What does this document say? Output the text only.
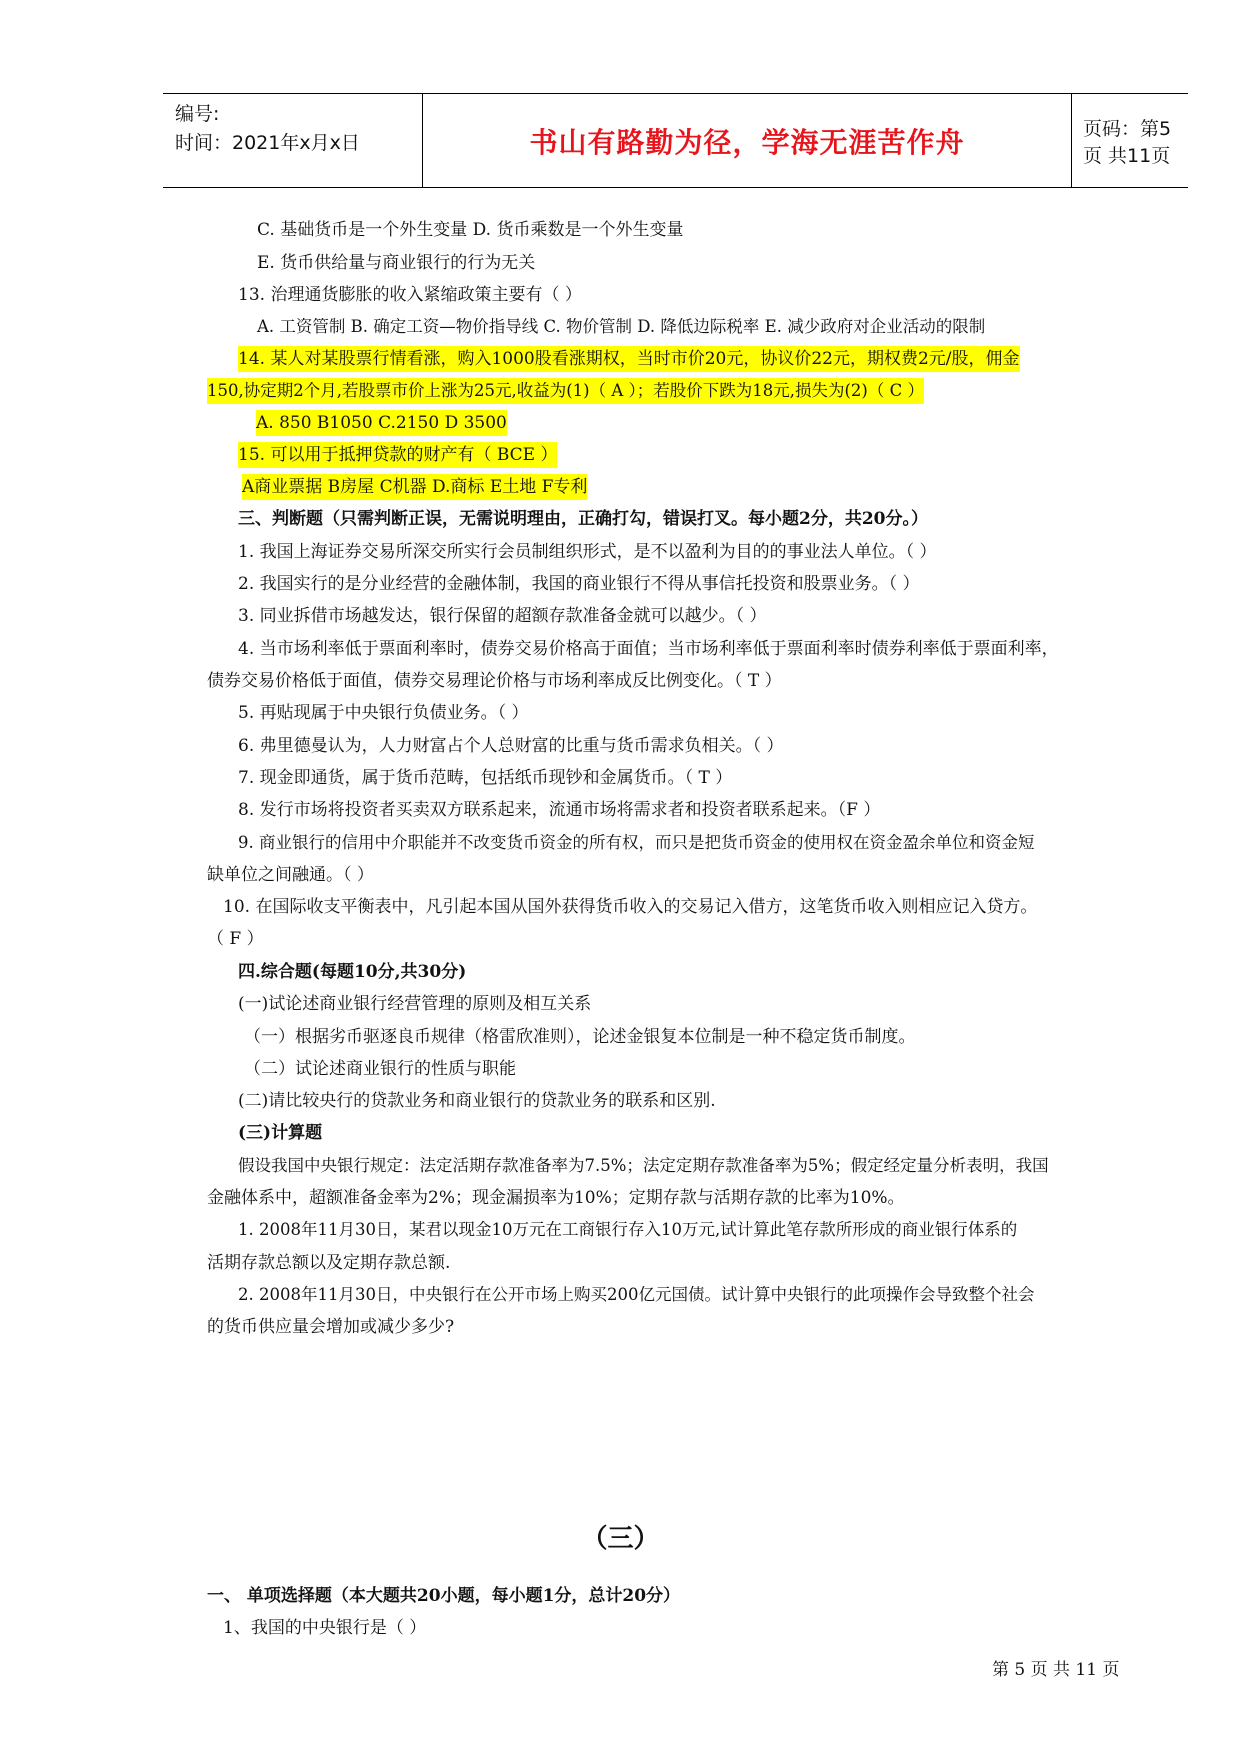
编号:
时间：2021年x月x日	书山有路勤为径，学海无涯苦作舟	页码：第5页 共11页
C. 基础货币是一个外生变量 D. 货币乘数是一个外生变量
E. 货币供给量与商业银行的行为无关
13. 治理通货膨胀的收入紧缩政策主要有（ ）
A. 工资管制 B. 确定工资—物价指导线 C. 物价管制 D. 降低边际税率 E. 减少政府对企业活动的限制
14. 某人对某股票行情看涨，购入1000股看涨期权，当时市价20元，协议价22元，期权费2元/股，佣金
150,协定期2个月,若股票市价上涨为25元,收益为(1)（ A ）；若股价下跌为18元,损失为(2)（ C ）
A. 850 B1050 C.2150 D 3500
15. 可以用于抵押贷款的财产有（ BCE ）
A商业票据 B房屋 C机器 D.商标 E土地 F专利
三、判断题（只需判断正误，无需说明理由，正确打勾，错误打叉。每小题2分，共20分。）
1. 我国上海证券交易所深交所实行会员制组织形式，是不以盈利为目的的事业法人单位。（ ）
2. 我国实行的是分业经营的金融体制，我国的商业银行不得从事信托投资和股票业务。（ ）
3. 同业拆借市场越发达，银行保留的超额存款准备金就可以越少。（ ）
4. 当市场利率低于票面利率时，债券交易价格高于面值；当市场利率低于票面利率时债券利率低于票面利率，
债券交易价格低于面值，债券交易理论价格与市场利率成反比例变化。（ T ）
5. 再贴现属于中央银行负债业务。（ ）
6. 弗里德曼认为，人力财富占个人总财富的比重与货币需求负相关。（ ）
7. 现金即通货，属于货币范畴，包括纸币现钞和金属货币。（ T ）
8. 发行市场将投资者买卖双方联系起来，流通市场将需求者和投资者联系起来。（F ）
9. 商业银行的信用中介职能并不改变货币资金的所有权，而只是把货币资金的使用权在资金盈余单位和资金短
缺单位之间融通。（ ）
10. 在国际收支平衡表中，凡引起本国从国外获得货币收入的交易记入借方，这笔货币收入则相应记入贷方。
（ F ）
四.综合题(每题10分,共30分)
(一)试论述商业银行经营管理的原则及相互关系
（一）根据劣币驱逐良币规律（格雷欣准则），论述金银复本位制是一种不稳定货币制度。
（二）试论述商业银行的性质与职能
(二)请比较央行的贷款业务和商业银行的贷款业务的联系和区别.
(三)计算题
假设我国中央银行规定：法定活期存款准备率为7.5%；法定定期存款准备率为5%；假定经定量分析表明，我国
金融体系中，超额准备金率为2%；现金漏损率为10%；定期存款与活期存款的比率为10%。
1. 2008年11月30日，某君以现金10万元在工商银行存入10万元,试计算此笔存款所形成的商业银行体系的
活期存款总额以及定期存款总额.
2. 2008年11月30日，中央银行在公开市场上购买200亿元国债。试计算中央银行的此项操作会导致整个社会
的货币供应量会增加或减少多少?
（三）
一、 单项选择题（本大题共20小题，每小题1分，总计20分）
1、我国的中央银行是（ ）
第 5 页 共 11 页
